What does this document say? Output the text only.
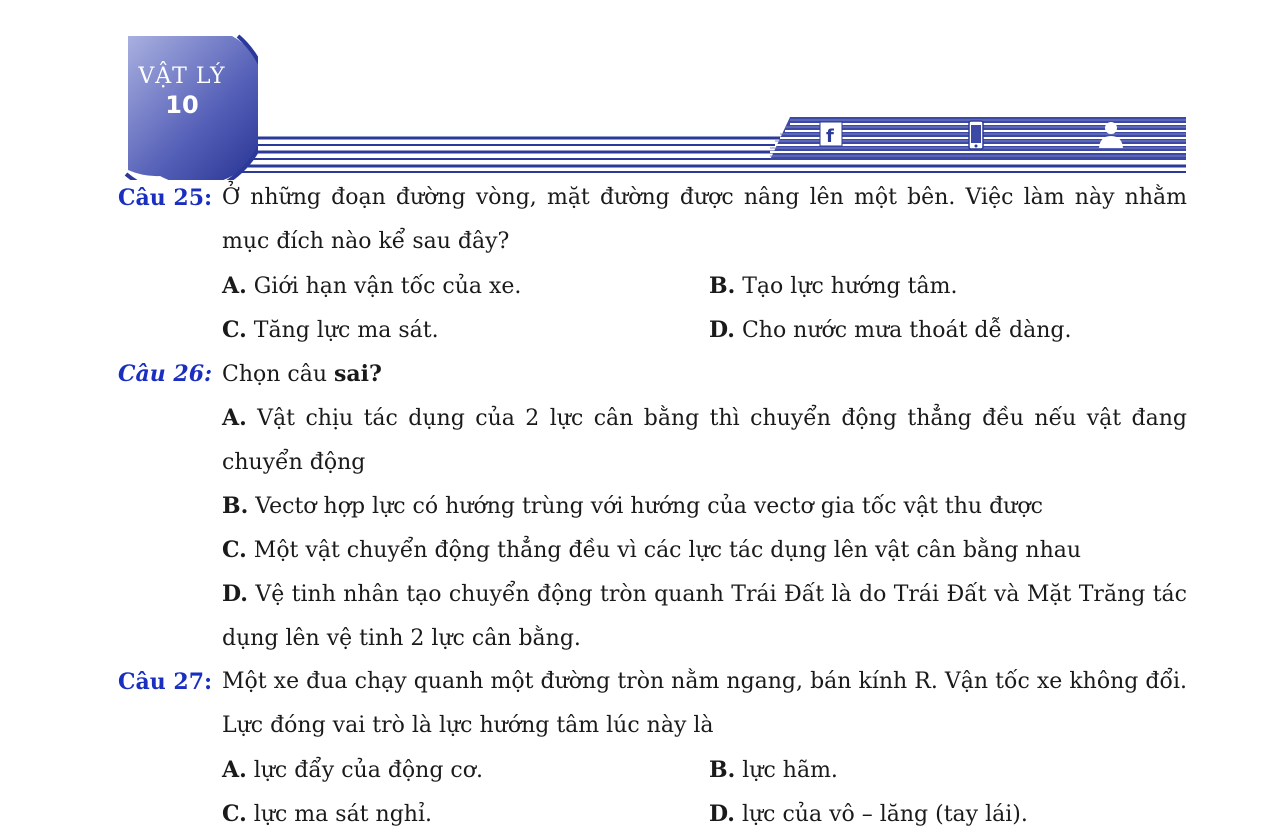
VẬT LÝ
10
f
Câu 25: Ở những đoạn đường vòng, mặt đường được nâng lên một bên. Việc làm này nhằm mục đích nào kể sau đây?
A. Giới hạn vận tốc của xe.	B. Tạo lực hướng tâm.
C. Tăng lực ma sát.	D. Cho nước mưa thoát dễ dàng.
Câu 26: Chọn câu sai?
A. Vật chịu tác dụng của 2 lực cân bằng thì chuyển động thẳng đều nếu vật đang chuyển động
B. Vectơ hợp lực có hướng trùng với hướng của vectơ gia tốc vật thu được
C. Một vật chuyển động thẳng đều vì các lực tác dụng lên vật cân bằng nhau
D. Vệ tinh nhân tạo chuyển động tròn quanh Trái Đất là do Trái Đất và Mặt Trăng tác dụng lên vệ tinh 2 lực cân bằng.
Câu 27: Một xe đua chạy quanh một đường tròn nằm ngang, bán kính R. Vận tốc xe không đổi. Lực đóng vai trò là lực hướng tâm lúc này là
A. lực đẩy của động cơ.	B. lực hãm.
C. lực ma sát nghỉ.	D. lực của vô – lăng (tay lái).
